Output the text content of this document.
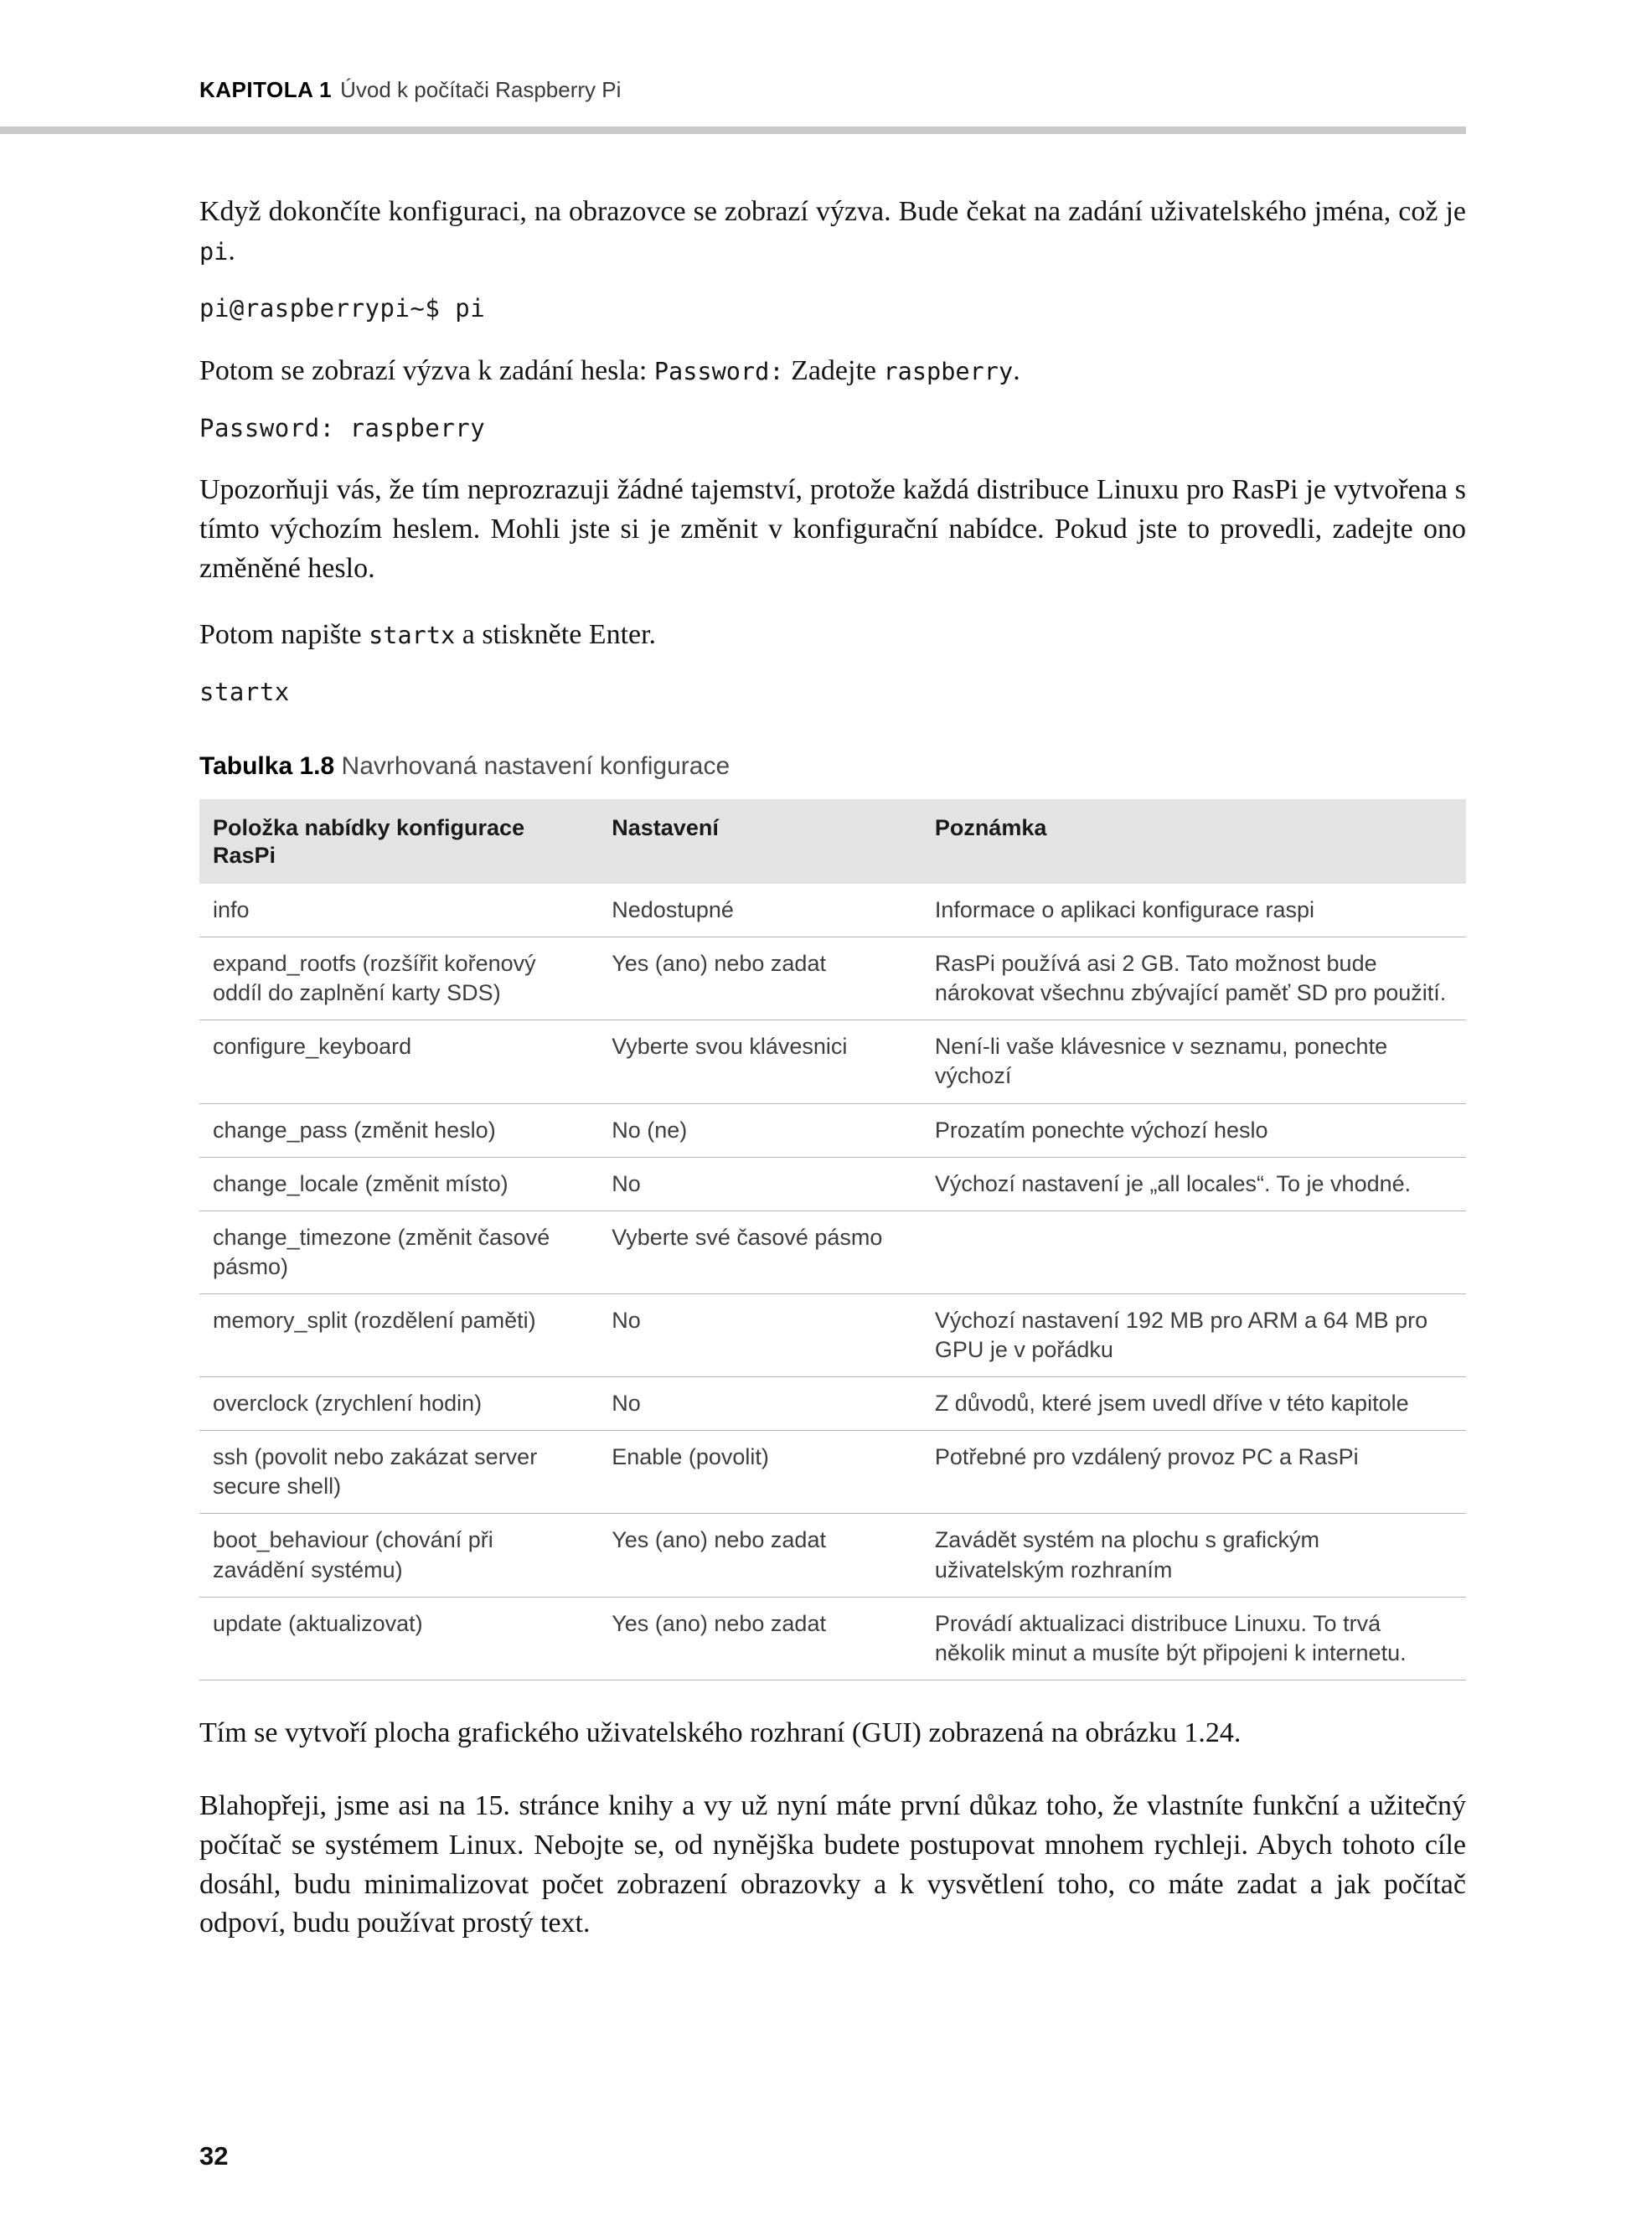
KAPITOLA 1 Úvod k počítači Raspberry Pi

Když dokončíte konfiguraci, na obrazovce se zobrazí výzva. Bude čekat na zadání uživatelského jména, což je pi.

pi@raspberrypi~$ pi

Potom se zobrazí výzva k zadání hesla: Password: Zadejte raspberry.

Password: raspberry

Upozorňuji vás, že tím neprozrazuji žádné tajemství, protože každá distribuce Linuxu pro RasPi je vytvořena s tímto výchozím heslem. Mohli jste si je změnit v konfigurační nabídce. Pokud jste to provedli, zadejte ono změněné heslo.

Potom napište startx a stiskněte Enter.

startx
Tabulka 1.8 Navrhovaná nastavení konfigurace
Položka nabídky konfigurace RasPi	Nastavení	Poznámka
info	Nedostupné	Informace o aplikaci konfigurace raspi
expand_rootfs (rozšířit kořenový oddíl do zaplnění karty SDS)	Yes (ano) nebo zadat	RasPi používá asi 2 GB. Tato možnost bude nárokovat všechnu zbývající paměť SD pro použití.
configure_keyboard	Vyberte svou klávesnici	Není-li vaše klávesnice v seznamu, ponechte výchozí
change_pass (změnit heslo)	No (ne)	Prozatím ponechte výchozí heslo
change_locale (změnit místo)	No	Výchozí nastavení je „all locales“. To je vhodné.
change_timezone (změnit časové pásmo)	Vyberte své časové pásmo	
memory_split (rozdělení paměti)	No	Výchozí nastavení 192 MB pro ARM a 64 MB pro GPU je v pořádku
overclock (zrychlení hodin)	No	Z důvodů, které jsem uvedl dříve v této kapitole
ssh (povolit nebo zakázat server secure shell)	Enable (povolit)	Potřebné pro vzdálený provoz PC a RasPi
boot_behaviour (chování při zavádění systému)	Yes (ano) nebo zadat	Zavádět systém na plochu s grafickým uživatelským rozhraním
update (aktualizovat)	Yes (ano) nebo zadat	Provádí aktualizaci distribuce Linuxu. To trvá několik minut a musíte být připojeni k internetu.

Tím se vytvoří plocha grafického uživatelského rozhraní (GUI) zobrazená na obrázku 1.24.

Blahopřeji, jsme asi na 15. stránce knihy a vy už nyní máte první důkaz toho, že vlastníte funkční a užitečný počítač se systémem Linux. Nebojte se, od nynějška budete postupovat mnohem rychleji. Abych tohoto cíle dosáhl, budu minimalizovat počet zobrazení obrazovky a k vysvětlení toho, co máte zadat a jak počítač odpoví, budu používat prostý text.

32
